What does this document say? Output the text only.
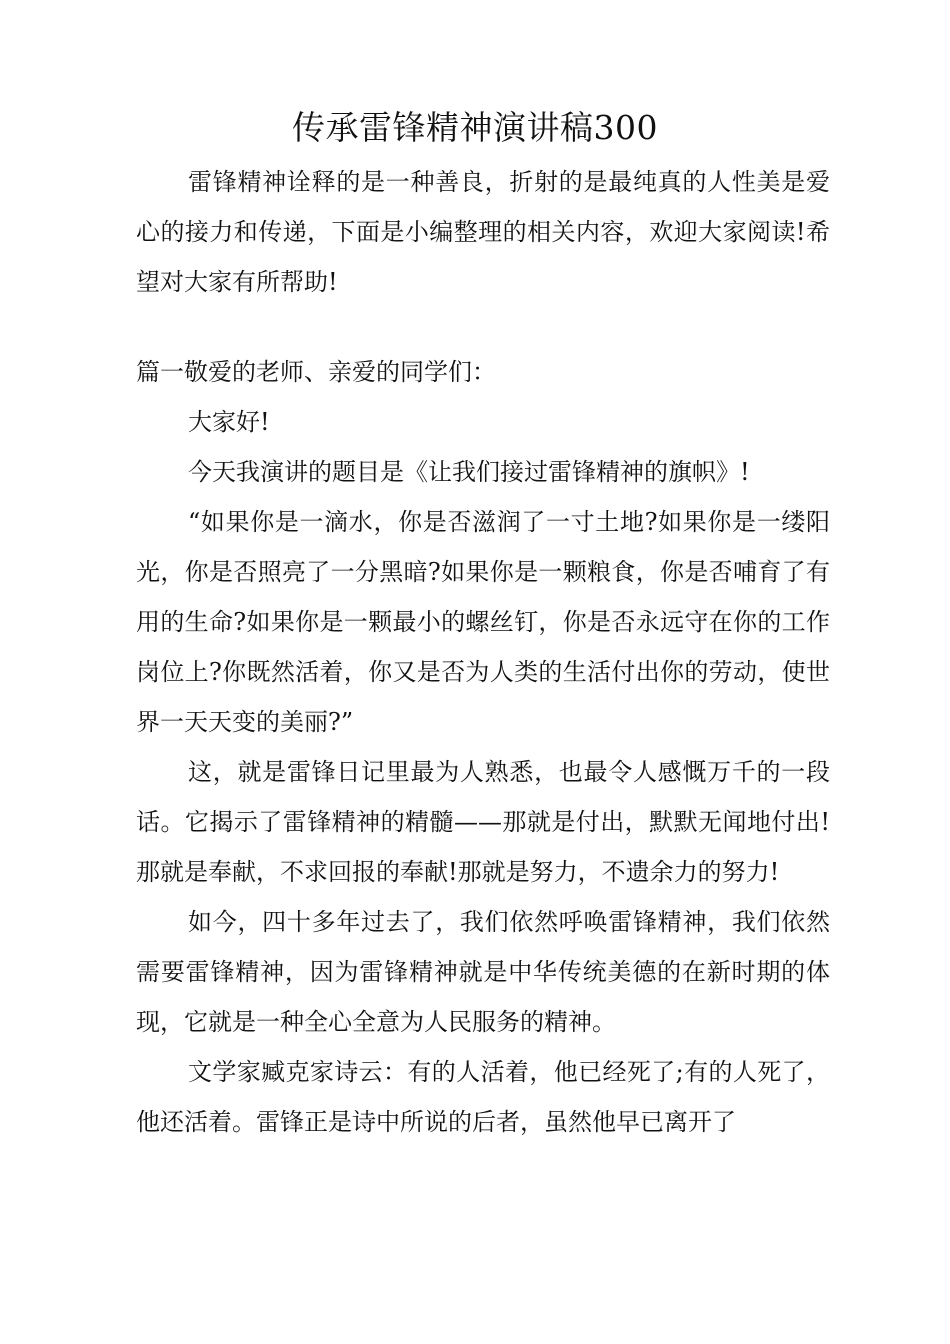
传承雷锋精神演讲稿300

雷锋精神诠释的是一种善良，折射的是最纯真的人性美是爱心的接力和传递，下面是小编整理的相关内容，欢迎大家阅读!希望对大家有所帮助!

篇一敬爱的老师、亲爱的同学们：

大家好!

今天我演讲的题目是《让我们接过雷锋精神的旗帜》!

“如果你是一滴水，你是否滋润了一寸土地?如果你是一缕阳光，你是否照亮了一分黑暗?如果你是一颗粮食，你是否哺育了有用的生命?如果你是一颗最小的螺丝钉，你是否永远守在你的工作岗位上?你既然活着，你又是否为人类的生活付出你的劳动，使世界一天天变的美丽?”

这，就是雷锋日记里最为人熟悉，也最令人感慨万千的一段话。它揭示了雷锋精神的精髓——那就是付出，默默无闻地付出!那就是奉献，不求回报的奉献!那就是努力，不遗余力的努力!

如今，四十多年过去了，我们依然呼唤雷锋精神，我们依然需要雷锋精神，因为雷锋精神就是中华传统美德的在新时期的体现，它就是一种全心全意为人民服务的精神。

文学家臧克家诗云：有的人活着，他已经死了;有的人死了，他还活着。雷锋正是诗中所说的后者，虽然他早已离开了
